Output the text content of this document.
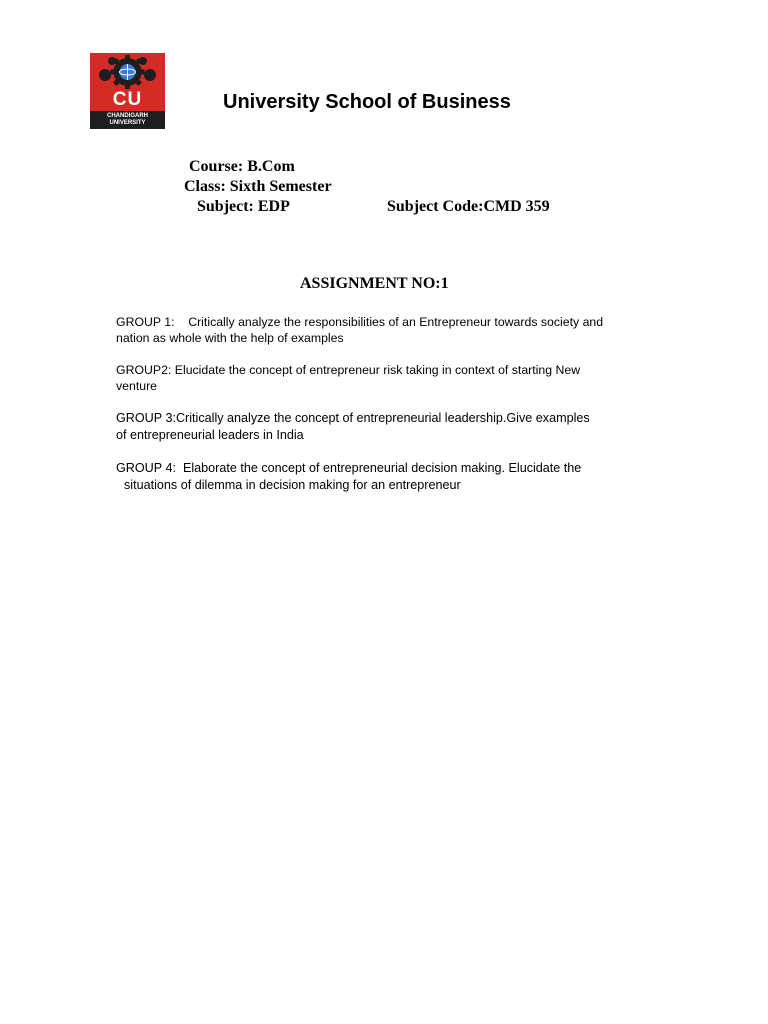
CU
CHANDIGARH
UNIVERSITY
University School of Business
Course: B.Com
Class: Sixth Semester
Subject: EDP	Subject Code:CMD 359
ASSIGNMENT NO:1
GROUP 1:    Critically analyze the responsibilities of an Entrepreneur towards society and
nation as whole with the help of examples
GROUP2: Elucidate the concept of entrepreneur risk taking in context of starting New
venture
GROUP 3:Critically analyze the concept of entrepreneurial leadership.Give examples
of entrepreneurial leaders in India
GROUP 4:  Elaborate the concept of entrepreneurial decision making. Elucidate the
situations of dilemma in decision making for an entrepreneur
